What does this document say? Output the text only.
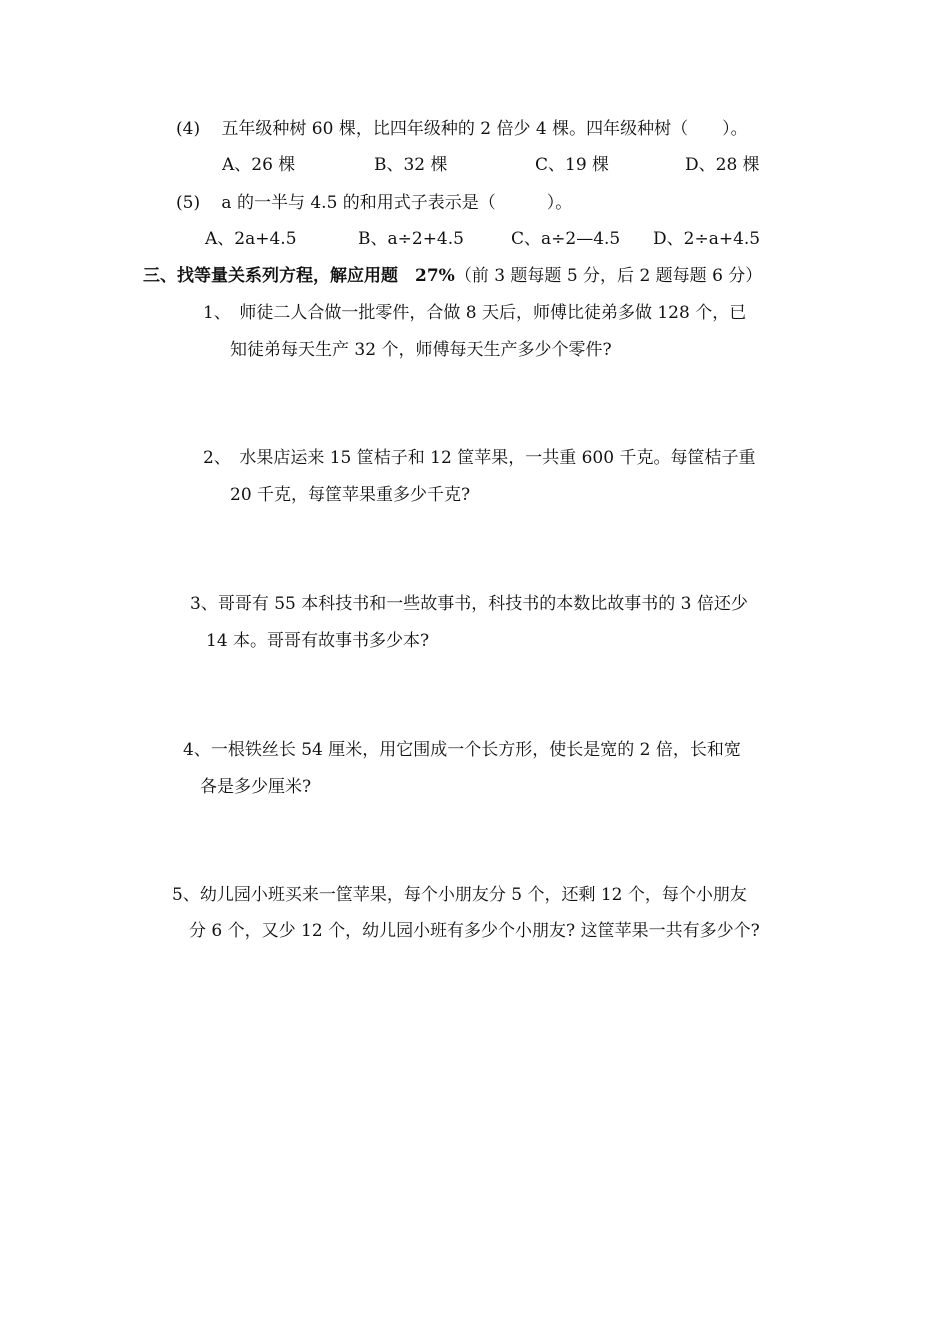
(4) 五年级种树 60 棵，比四年级种的 2 倍少 4 棵。四年级种树（　　）。
A、26 棵	B、32 棵	C、19 棵	D、28 棵
(5) a 的一半与 4.5 的和用式子表示是（　　　）。
A、2a+4.5	B、a÷2+4.5	C、a÷2—4.5 D、2÷a+4.5
三、找等量关系列方程，解应用题　27%（前 3 题每题 5 分，后 2 题每题 6 分）
1、　师徒二人合做一批零件，合做 8 天后，师傅比徒弟多做 128 个，已
知徒弟每天生产 32 个，师傅每天生产多少个零件?
2、　水果店运来 15 筐桔子和 12 筐苹果，一共重 600 千克。每筐桔子重
20 千克，每筐苹果重多少千克?
3、哥哥有 55 本科技书和一些故事书，科技书的本数比故事书的 3 倍还少
14 本。哥哥有故事书多少本?
4、一根铁丝长 54 厘米，用它围成一个长方形，使长是宽的 2 倍，长和宽
各是多少厘米?
5、幼儿园小班买来一筐苹果，每个小朋友分 5 个，还剩 12 个，每个小朋友
分 6 个，又少 12 个，幼儿园小班有多少个小朋友? 这筐苹果一共有多少个?
